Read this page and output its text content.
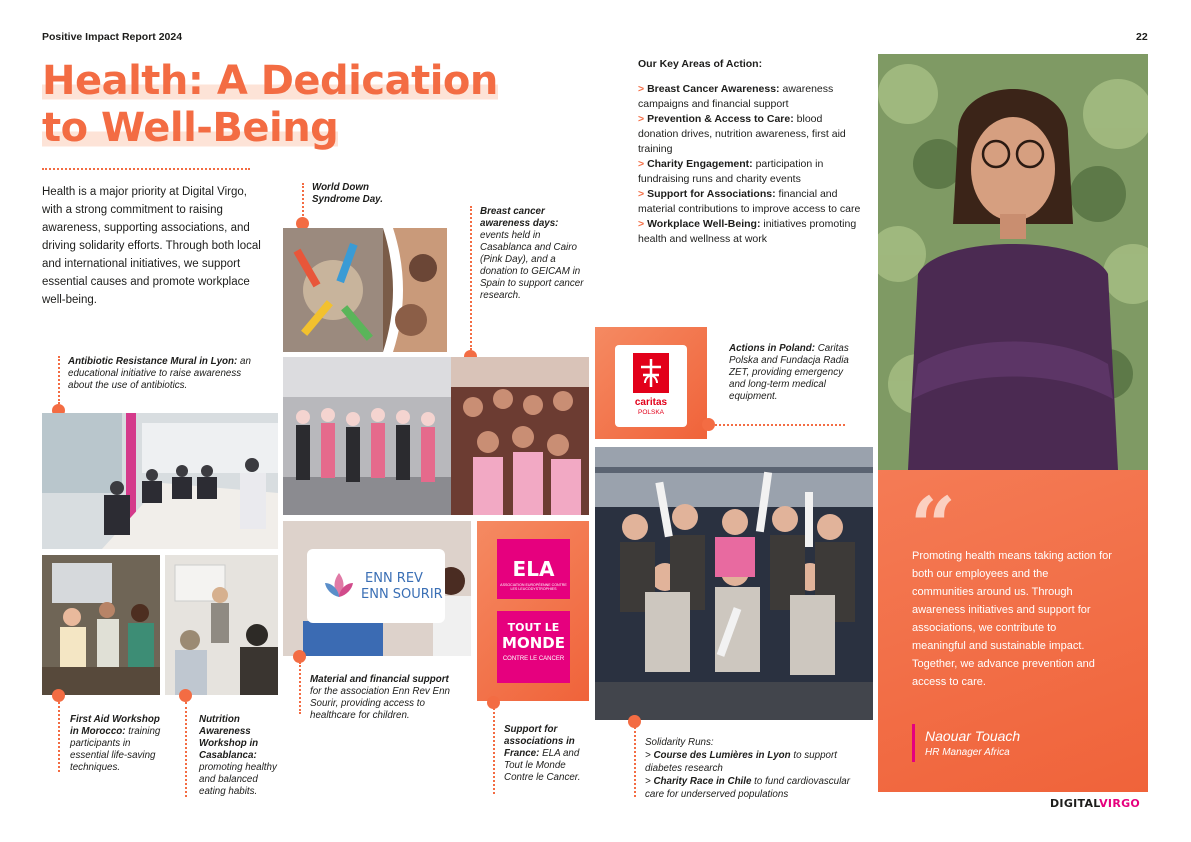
Positive Impact Report 2024	22
Health: A Dedication
to Well-Being
Health is a major priority at Digital Virgo, with a strong commitment to raising awareness, supporting associations, and driving solidarity efforts. Through both local and international initiatives, we support essential causes and promote workplace well-being.
World Down Syndrome Day.
Breast cancer awareness days: events held in Casablanca and Cairo (Pink Day), and a donation to GEICAM in Spain to support cancer research.
Antibiotic Resistance Mural in Lyon: an educational initiative to raise awareness about the use of antibiotics.
First Aid Workshop in Morocco: training participants in essential life-saving techniques.
Nutrition Awareness Workshop in Casablanca: promoting healthy and balanced eating habits.
ENN REV
ENN SOURIR
Material and financial support for the association Enn Rev Enn Sourir, providing access to healthcare for children.
ELA
ASSOCIATION EUROPÉENNE CONTRE LES LEUCODYSTROPHIES
TOUT LE
MONDE
CONTRE LE CANCER
Support for associations in France: ELA and Tout le Monde Contre le Cancer.
caritas
POLSKA
Actions in Poland: Caritas Polska and Fundacja Radia ZET, providing emergency and long-term medical equipment.
Solidarity Runs:
> Course des Lumières in Lyon to support diabetes research
> Charity Race in Chile to fund cardiovascular care for underserved populations
Our Key Areas of Action:
> Breast Cancer Awareness: awareness campaigns and financial support
> Prevention & Access to Care: blood donation drives, nutrition awareness, first aid training
> Charity Engagement: participation in fundraising runs and charity events
> Support for Associations: financial and material contributions to improve access to care
> Workplace Well-Being: initiatives promoting health and wellness at work
“
Promoting health means taking action for both our employees and the communities around us. Through awareness initiatives and support for associations, we contribute to meaningful and sustainable impact. Together, we advance prevention and access to care.
Naouar Touach
HR Manager Africa
DIGITALVIRGO
